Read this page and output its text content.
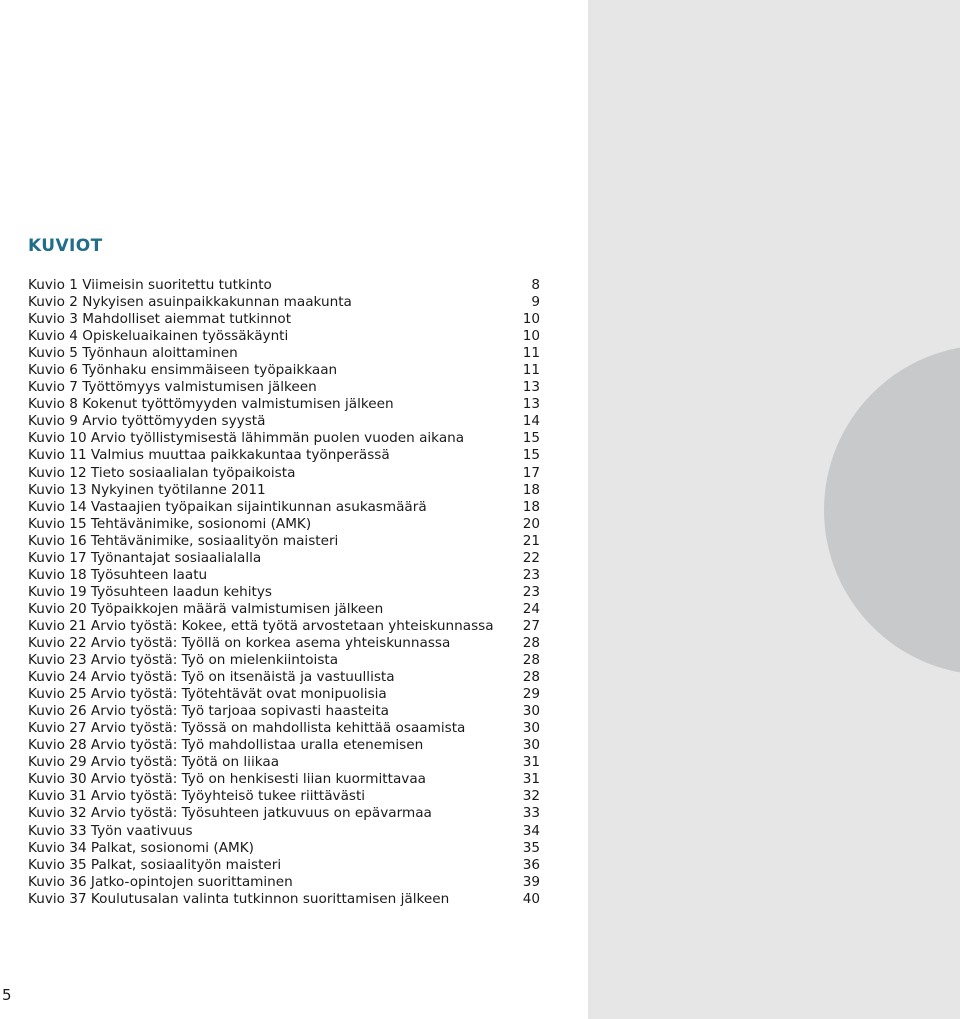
KUVIOT
Kuvio 1 Viimeisin suoritettu tutkinto	8
Kuvio 2 Nykyisen asuinpaikkakunnan maakunta	9
Kuvio 3 Mahdolliset aiemmat tutkinnot	10
Kuvio 4 Opiskeluaikainen työssäkäynti	10
Kuvio 5 Työnhaun aloittaminen	11
Kuvio 6 Työnhaku ensimmäiseen työpaikkaan	11
Kuvio 7 Työttömyys valmistumisen jälkeen	13
Kuvio 8 Kokenut työttömyyden valmistumisen jälkeen	13
Kuvio 9 Arvio työttömyyden syystä	14
Kuvio 10 Arvio työllistymisestä lähimmän puolen vuoden aikana	15
Kuvio 11 Valmius muuttaa paikkakuntaa työnperässä	15
Kuvio 12 Tieto sosiaalialan työpaikoista	17
Kuvio 13 Nykyinen työtilanne 2011	18
Kuvio 14 Vastaajien työpaikan sijaintikunnan asukasmäärä	18
Kuvio 15 Tehtävänimike, sosionomi (AMK)	20
Kuvio 16 Tehtävänimike, sosiaalityön maisteri	21
Kuvio 17 Työnantajat sosiaalialalla	22
Kuvio 18 Työsuhteen laatu	23
Kuvio 19 Työsuhteen laadun kehitys	23
Kuvio 20 Työpaikkojen määrä valmistumisen jälkeen	24
Kuvio 21 Arvio työstä: Kokee, että työtä arvostetaan yhteiskunnassa	27
Kuvio 22 Arvio työstä: Työllä on korkea asema yhteiskunnassa	28
Kuvio 23 Arvio työstä: Työ on mielenkiintoista	28
Kuvio 24 Arvio työstä: Työ on itsenäistä ja vastuullista	28
Kuvio 25 Arvio työstä: Työtehtävät ovat monipuolisia	29
Kuvio 26 Arvio työstä: Työ tarjoaa sopivasti haasteita	30
Kuvio 27 Arvio työstä: Työssä on mahdollista kehittää osaamista	30
Kuvio 28 Arvio työstä: Työ mahdollistaa uralla etenemisen	30
Kuvio 29 Arvio työstä: Työtä on liikaa	31
Kuvio 30 Arvio työstä: Työ on henkisesti liian kuormittavaa	31
Kuvio 31 Arvio työstä: Työyhteisö tukee riittävästi	32
Kuvio 32 Arvio työstä: Työsuhteen jatkuvuus on epävarmaa	33
Kuvio 33 Työn vaativuus	34
Kuvio 34 Palkat, sosionomi (AMK)	35
Kuvio 35 Palkat, sosiaalityön maisteri	36
Kuvio 36 Jatko-opintojen suorittaminen	39
Kuvio 37 Koulutusalan valinta tutkinnon suorittamisen jälkeen	40
5
